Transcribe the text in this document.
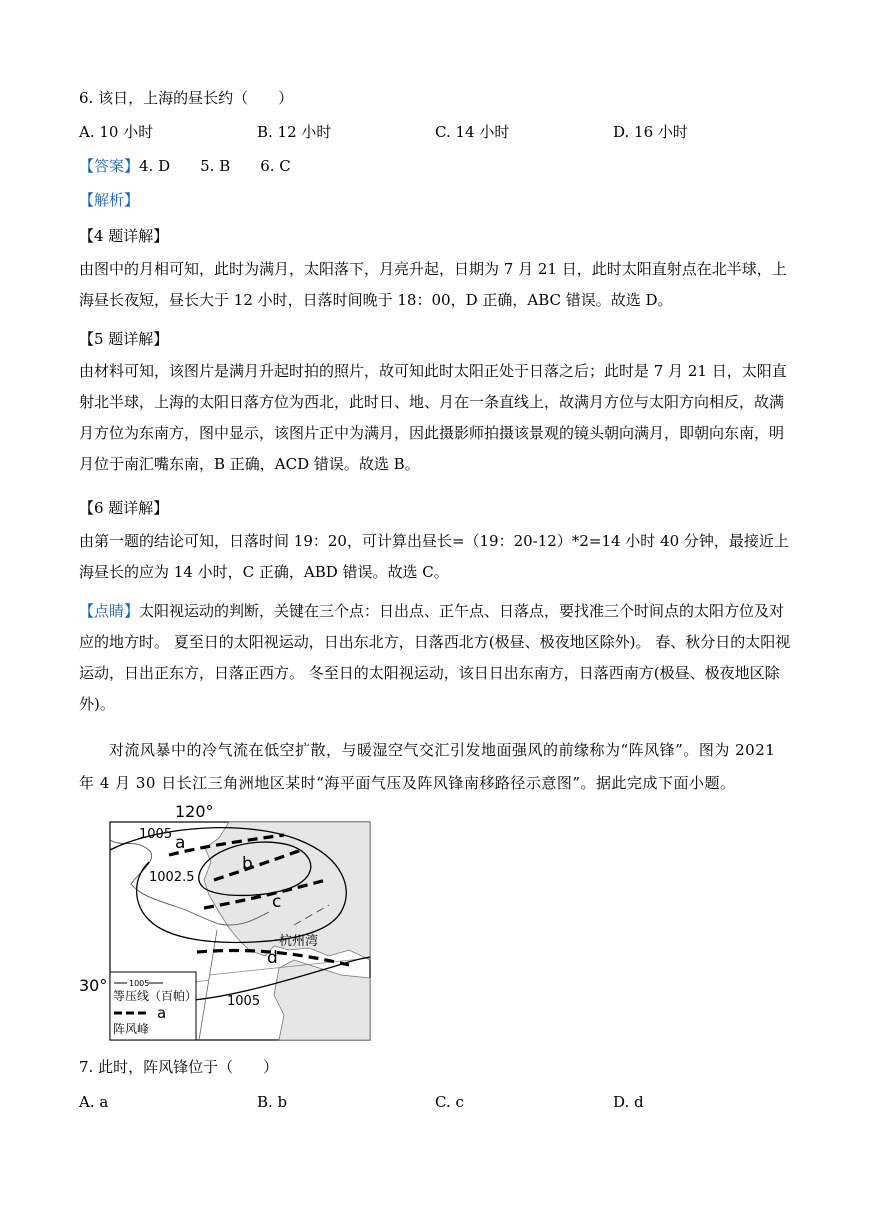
6. 该日，上海的昼长约（　　）
A. 10 小时	B. 12 小时	C. 14 小时	D. 16 小时
【答案】4. D　　5. B　　6. C
【解析】
【4 题详解】

由图中的月相可知，此时为满月，太阳落下，月亮升起，日期为 7 月 21 日，此时太阳直射点在北半球，上海昼长夜短，昼长大于 12 小时，日落时间晚于 18：00，D 正确，ABC 错误。故选 D。

【5 题详解】

由材料可知，该图片是满月升起时拍的照片，故可知此时太阳正处于日落之后；此时是 7 月 21 日，太阳直射北半球，上海的太阳日落方位为西北，此时日、地、月在一条直线上，故满月方位与太阳方向相反，故满月方位为东南方，图中显示，该图片正中为满月，因此摄影师拍摄该景观的镜头朝向满月，即朝向东南，明月位于南汇嘴东南，B 正确，ACD 错误。故选 B。

【6 题详解】

由第一题的结论可知，日落时间 19：20，可计算出昼长=（19：20-12）*2=14 小时 40 分钟，最接近上海昼长的应为 14 小时，C 正确，ABD 错误。故选 C。

【点睛】太阳视运动的判断，关键在三个点：日出点、正午点、日落点，要找准三个时间点的太阳方位及对应的地方时。 夏至日的太阳视运动，日出东北方，日落西北方(极昼、极夜地区除外)。 春、秋分日的太阳视运动，日出正东方，日落正西方。 冬至日的太阳视运动，该日日出东南方，日落西南方(极昼、极夜地区除外)。

对流风暴中的冷气流在低空扩散，与暖湿空气交汇引发地面强风的前缘称为“阵风锋”。图为 2021 年 4 月 30 日长江三角洲地区某时“海平面气压及阵风锋南移路径示意图”。据此完成下面小题。

120°
30°
1005 a
1002.5
b
c
杭州湾
d
1005
1005
等压线（百帕）
a
阵风峰
7. 此时，阵风锋位于（　　）
A. a	B. b	C. c	D. d
